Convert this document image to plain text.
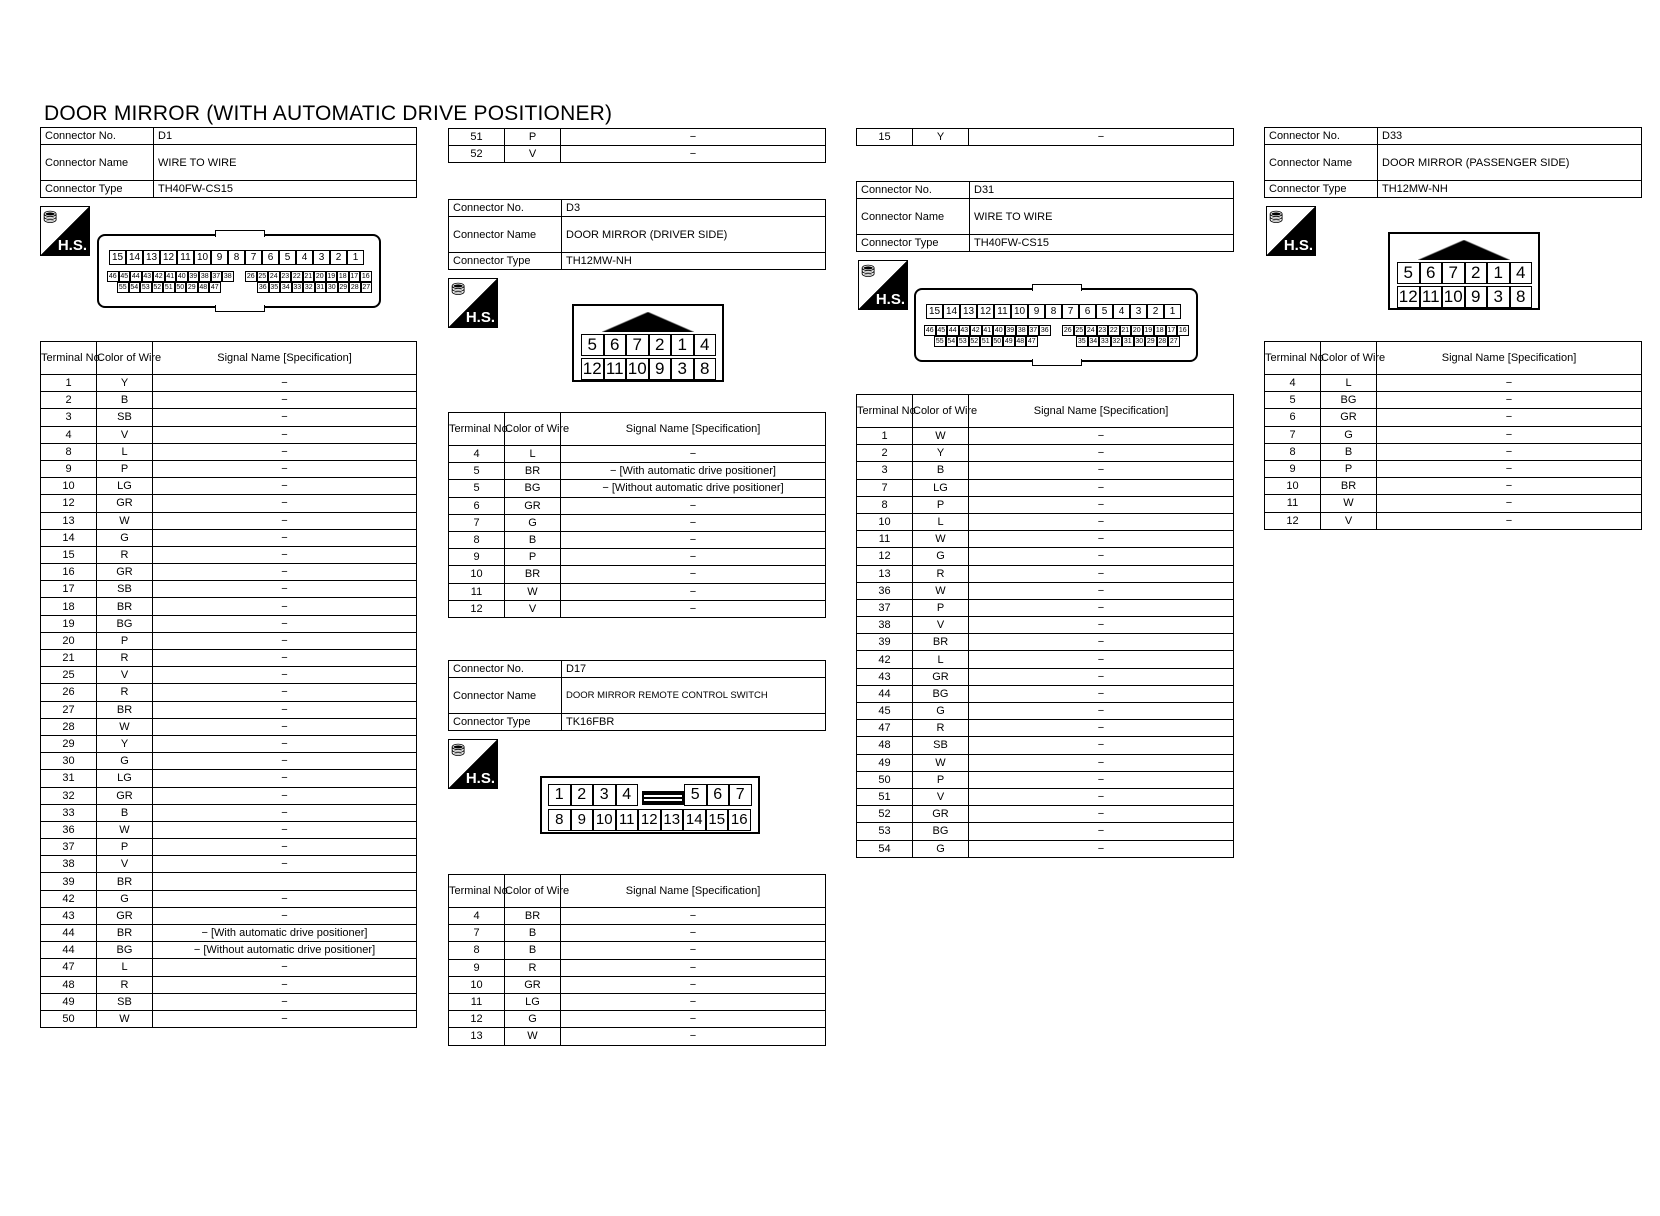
DOOR MIRROR (WITH AUTOMATIC DRIVE POSITIONER)
Connector No.	D1
Connector Name	WIRE TO WIRE
Connector Type	TH40FW-CS15
⛃
H.S.
15 14 13 12 11 10 9	8	7	6	5	4	3	2	1
46 45 44 43 42 41 40 39 38 37 38 26 25 24 23 22 21 20 19 18 17 16
55 54 53 52 51 50 29 48 47	36 35 34 33 32 31 30 29 28 27
Terminal No.	Color of Wire	Signal Name [Specification]
1	Y	−
2	B	−
3	SB	−
4	V	−
8	L	−
9	P	−
10	LG	−
12	GR	−
13	W	−
14	G	−
15	R	−
16	GR	−
17	SB	−
18	BR	−
19	BG	−
20	P	−
21	R	−
25	V	−
26	R	−
27	BR	−
28	W	−
29	Y	−
30	G	−
31	LG	−
32	GR	−
33	B	−
36	W	−
37	P	−
38	V	−
39	BR	
42	G	−
43	GR	−
44	BR	− [With automatic drive positioner]
44	BG	− [Without automatic drive positioner]
47	L	−
48	R	−
49	SB	−
50	W	−
51	P	−
52	V	−
Connector No.	D3
Connector Name	DOOR MIRROR (DRIVER SIDE)
Connector Type	TH12MW-NH
⛃
H.S.
5 6 7 2 1 4
12 11 10 9 3 8
Terminal No.	Color of Wire	Signal Name [Specification]
4	L	−
5	BR	− [With automatic drive positioner]
5	BG	− [Without automatic drive positioner]
6	GR	−
7	G	−
8	B	−
9	P	−
10	BR	−
11	W	−
12	V	−
Connector No.	D17
Connector Name	DOOR MIRROR REMOTE CONTROL SWITCH
Connector Type	TK16FBR
⛃
H.S.
1 2 3 4	5 6 7
8 9 10 11 12 13 14 15 16
Terminal No.	Color of Wire	Signal Name [Specification]
4	BR	−
7	B	−
8	B	−
9	R	−
10	GR	−
11	LG	−
12	G	−
13	W	−
15	Y	−
Connector No.	D31
Connector Name	WIRE TO WIRE
Connector Type	TH40FW-CS15
⛃
H.S.
15 14 13 12 11 10 9	8	7	6	5	4	3	2	1
46 45 44 43 42 41 40 39 38 37 36 26 25 24 23 22 21 20 19 18 17 16
55 54 53 52 51 50 49 48 47	35 34 33 32 31 30 29 28 27
Terminal No.	Color of Wire	Signal Name [Specification]
1	W	−
2	Y	−
3	B	−
7	LG	−
8	P	−
10	L	−
11	W	−
12	G	−
13	R	−
36	W	−
37	P	−
38	V	−
39	BR	−
42	L	−
43	GR	−
44	BG	−
45	G	−
47	R	−
48	SB	−
49	W	−
50	P	−
51	V	−
52	GR	−
53	BG	−
54	G	−
Connector No.	D33
Connector Name	DOOR MIRROR (PASSENGER SIDE)
Connector Type	TH12MW-NH
⛃
H.S.
5 6 7 2 1 4
12 11 10 9 3 8
Terminal No.	Color of Wire	Signal Name [Specification]
4	L	−
5	BG	−
6	GR	−
7	G	−
8	B	−
9	P	−
10	BR	−
11	W	−
12	V	−
